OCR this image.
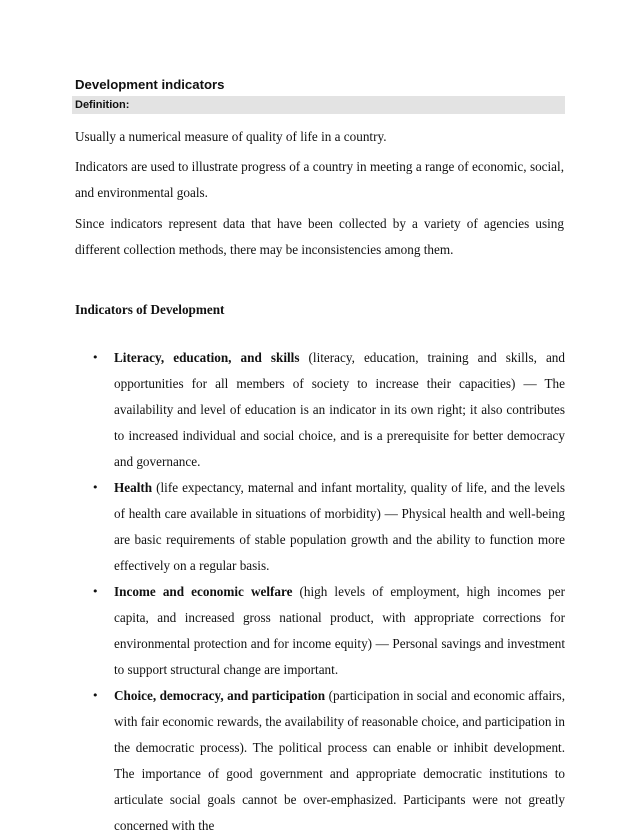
Development indicators
Definition:

Usually a numerical measure of quality of life in a country.

Indicators are used to illustrate progress of a country in meeting a range of economic, social, and environmental goals.

Since indicators represent data that have been collected by a variety of agencies using different collection methods, there may be inconsistencies among them.

Indicators of Development
• Literacy, education, and skills (literacy, education, training and skills, and opportunities for all members of society to increase their capacities) — The availability and level of education is an indicator in its own right; it also contributes to increased individual and social choice, and is a prerequisite for better democracy and governance.
• Health (life expectancy, maternal and infant mortality, quality of life, and the levels of health care available in situations of morbidity) — Physical health and well-being are basic requirements of stable population growth and the ability to function more effectively on a regular basis.
• Income and economic welfare (high levels of employment, high incomes per capita, and increased gross national product, with appropriate corrections for environmental protection and for income equity) — Personal savings and investment to support structural change are important.
• Choice, democracy, and participation (participation in social and economic affairs, with fair economic rewards, the availability of reasonable choice, and participation in the democratic process). The political process can enable or inhibit development. The importance of good government and appropriate democratic institutions to articulate social goals cannot be over-emphasized. Participants were not greatly concerned with the
